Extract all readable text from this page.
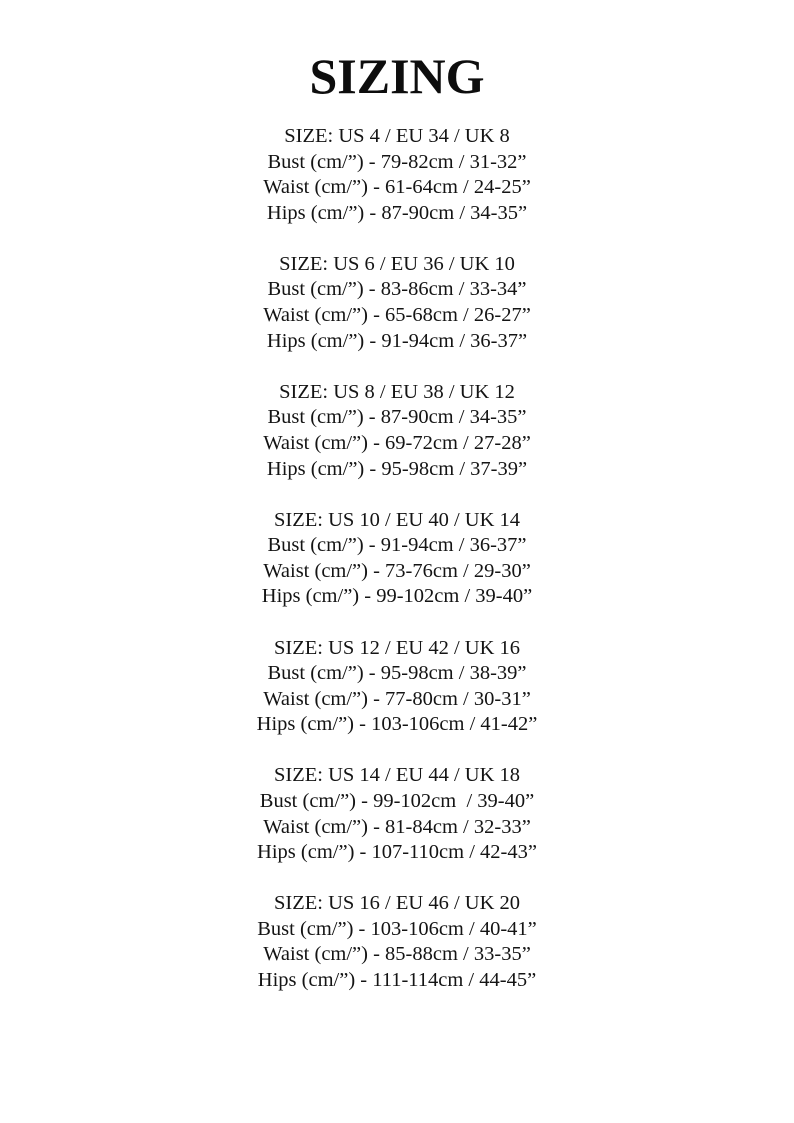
SIZING
SIZE: US 4 / EU 34 / UK 8
Bust (cm/”) - 79-82cm / 31-32”
Waist (cm/”) - 61-64cm / 24-25”
Hips (cm/”) - 87-90cm / 34-35”
SIZE: US 6 / EU 36 / UK 10
Bust (cm/”) - 83-86cm / 33-34”
Waist (cm/”) - 65-68cm / 26-27”
Hips (cm/”) - 91-94cm / 36-37”
SIZE: US 8 / EU 38 / UK 12
Bust (cm/”) - 87-90cm / 34-35”
Waist (cm/”) - 69-72cm / 27-28”
Hips (cm/”) - 95-98cm / 37-39”
SIZE: US 10 / EU 40 / UK 14
Bust (cm/”) - 91-94cm / 36-37”
Waist (cm/”) - 73-76cm / 29-30”
Hips (cm/”) - 99-102cm / 39-40”
SIZE: US 12 / EU 42 / UK 16
Bust (cm/”) - 95-98cm / 38-39”
Waist (cm/”) - 77-80cm / 30-31”
Hips (cm/”) - 103-106cm / 41-42”
SIZE: US 14 / EU 44 / UK 18
Bust (cm/”) - 99-102cm  / 39-40”
Waist (cm/”) - 81-84cm / 32-33”
Hips (cm/”) - 107-110cm / 42-43”
SIZE: US 16 / EU 46 / UK 20
Bust (cm/”) - 103-106cm / 40-41”
Waist (cm/”) - 85-88cm / 33-35”
Hips (cm/”) - 111-114cm / 44-45”
